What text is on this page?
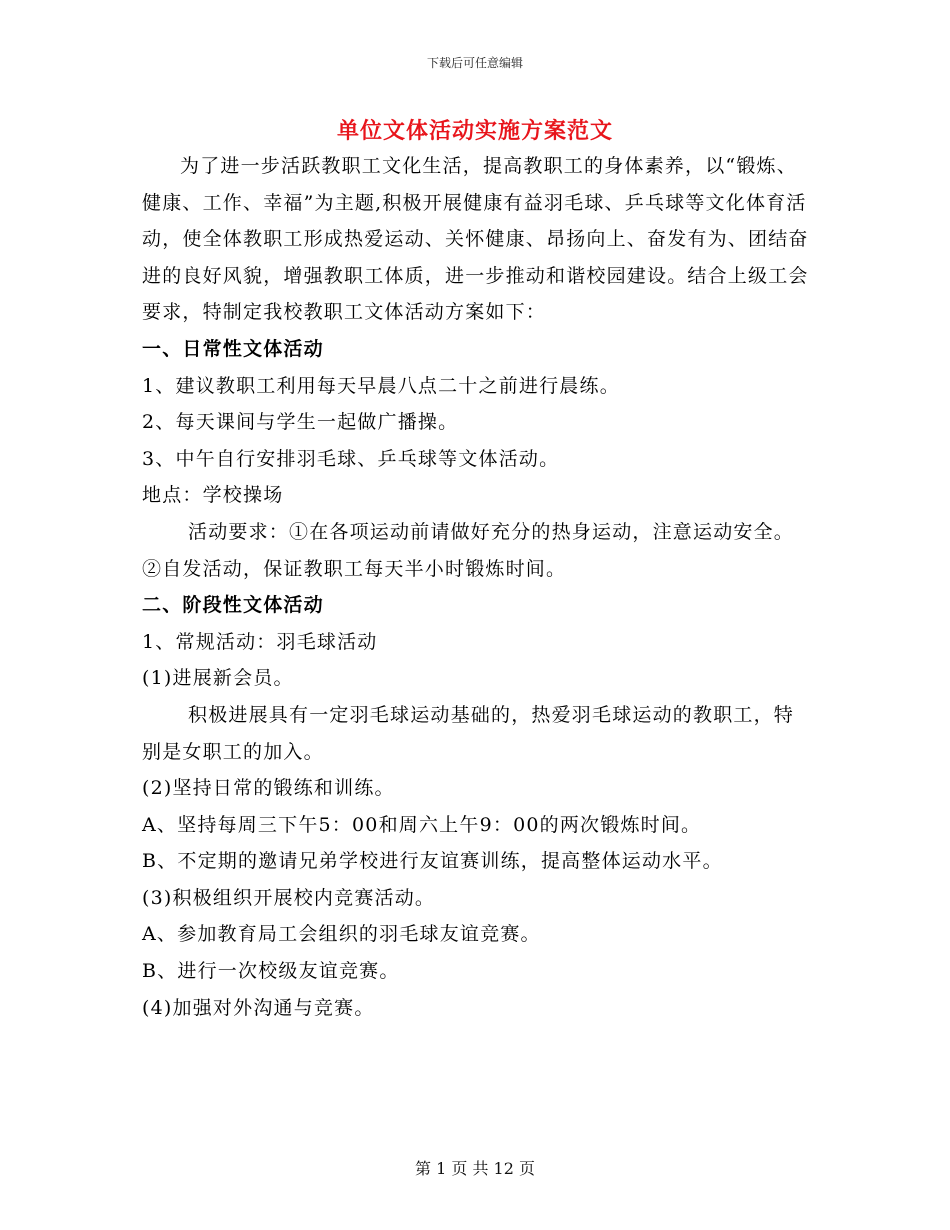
下载后可任意编辑
单位文体活动实施方案范文

为了进一步活跃教职工文化生活，提高教职工的身体素养，以“锻炼、健康、工作、幸福”为主题,积极开展健康有益羽毛球、乒乓球等文化体育活动，使全体教职工形成热爱运动、关怀健康、昂扬向上、奋发有为、团结奋进的良好风貌，增强教职工体质，进一步推动和谐校园建设。结合上级工会要求，特制定我校教职工文体活动方案如下：

一、日常性文体活动

1、建议教职工利用每天早晨八点二十之前进行晨练。

2、每天课间与学生一起做广播操。

3、中午自行安排羽毛球、乒乓球等文体活动。

地点：学校操场

活动要求：①在各项运动前请做好充分的热身运动，注意运动安全。②自发活动，保证教职工每天半小时锻炼时间。

二、阶段性文体活动

1、常规活动：羽毛球活动

(1)进展新会员。

积极进展具有一定羽毛球运动基础的，热爱羽毛球运动的教职工，特别是女职工的加入。

(2)坚持日常的锻练和训练。

A、坚持每周三下午5：00和周六上午9：00的两次锻炼时间。

B、不定期的邀请兄弟学校进行友谊赛训练，提高整体运动水平。

(3)积极组织开展校内竞赛活动。

A、参加教育局工会组织的羽毛球友谊竞赛。

B、进行一次校级友谊竞赛。

(4)加强对外沟通与竞赛。

第 1 页 共 12 页
